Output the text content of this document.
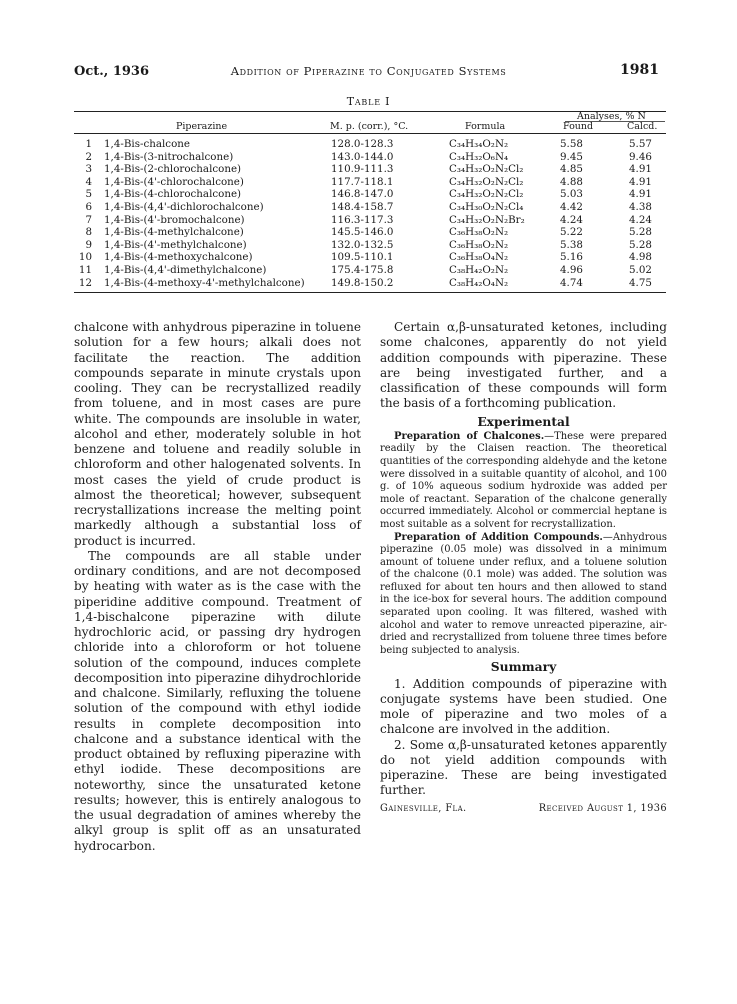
Oct., 1936	Addition of Piperazine to Conjugated Systems	1981
Table I
Analyses, % N
Piperazine	M. p. (corr.), °C.	Formula	Found	Calcd.
1 1,4-Bis-chalcone	128.0-128.3	C₃₄H₃₄O₂N₂	5.58	5.57
2 1,4-Bis-(3-nitrochalcone)	143.0-144.0	C₃₄H₃₂O₆N₄	9.45	9.46
3 1,4-Bis-(2-chlorochalcone)	110.9-111.3	C₃₄H₃₂O₂N₂Cl₂	4.85	4.91
4 1,4-Bis-(4'-chlorochalcone)	117.7-118.1	C₃₄H₃₂O₂N₂Cl₂	4.88	4.91
5 1,4-Bis-(4-chlorochalcone)	146.8-147.0	C₃₄H₃₂O₂N₂Cl₂	5.03	4.91
6 1,4-Bis-(4,4'-dichlorochalcone)	148.4-158.7	C₃₄H₃₀O₂N₂Cl₄	4.42	4.38
7 1,4-Bis-(4'-bromochalcone)	116.3-117.3	C₃₄H₃₂O₂N₂Br₂	4.24	4.24
8 1,4-Bis-(4-methylchalcone)	145.5-146.0	C₃₆H₃₈O₂N₂	5.22	5.28
9 1,4-Bis-(4'-methylchalcone)	132.0-132.5	C₃₆H₃₈O₂N₂	5.38	5.28
10 1,4-Bis-(4-methoxychalcone)	109.5-110.1	C₃₆H₃₈O₄N₂	5.16	4.98
11 1,4-Bis-(4,4'-dimethylchalcone)	175.4-175.8	C₃₈H₄₂O₂N₂	4.96	5.02
12 1,4-Bis-(4-methoxy-4'-methylchalcone)	149.8-150.2	C₃₈H₄₂O₄N₂	4.74	4.75

chalcone with anhydrous piperazine in toluene solution for a few hours; alkali does not facilitate the reaction. The addition compounds separate in minute crystals upon cooling. They can be recrystallized readily from toluene, and in most cases are pure white. The compounds are insoluble in water, alcohol and ether, moderately soluble in hot benzene and toluene and readily soluble in chloroform and other halogenated solvents. In most cases the yield of crude product is almost the theoretical; however, subsequent recrystallizations increase the melting point markedly although a substantial loss of product is incurred.

The compounds are all stable under ordinary conditions, and are not decomposed by heating with water as is the case with the piperidine additive compound. Treatment of 1,4-bischalcone piperazine with dilute hydrochloric acid, or passing dry hydrogen chloride into a chloroform or hot toluene solution of the compound, induces complete decomposition into piperazine dihydrochloride and chalcone. Similarly, refluxing the toluene solution of the compound with ethyl iodide results in complete decomposition into chalcone and a substance identical with the product obtained by refluxing piperazine with ethyl iodide. These decompositions are noteworthy, since the unsaturated ketone results; however, this is entirely analogous to the usual degradation of amines whereby the alkyl group is split off as an unsaturated hydrocarbon.

Certain α,β-unsaturated ketones, including some chalcones, apparently do not yield addition compounds with piperazine. These are being investigated further, and a classification of these compounds will form the basis of a forthcoming publication.

Experimental

Preparation of Chalcones.—These were prepared readily by the Claisen reaction. The theoretical quantities of the corresponding aldehyde and the ketone were dissolved in a suitable quantity of alcohol, and 100 g. of 10% aqueous sodium hydroxide was added per mole of reactant. Separation of the chalcone generally occurred immediately. Alcohol or commercial heptane is most suitable as a solvent for recrystallization.

Preparation of Addition Compounds.—Anhydrous piperazine (0.05 mole) was dissolved in a minimum amount of toluene under reflux, and a toluene solution of the chalcone (0.1 mole) was added. The solution was refluxed for about ten hours and then allowed to stand in the ice-box for several hours. The addition compound separated upon cooling. It was filtered, washed with alcohol and water to remove unreacted piperazine, air-dried and recrystallized from toluene three times before being subjected to analysis.

Summary

1. Addition compounds of piperazine with conjugate systems have been studied. One mole of piperazine and two moles of a chalcone are involved in the addition.

2. Some α,β-unsaturated ketones apparently do not yield addition compounds with piperazine. These are being investigated further.

Gainesville, Fla.	Received August 1, 1936
